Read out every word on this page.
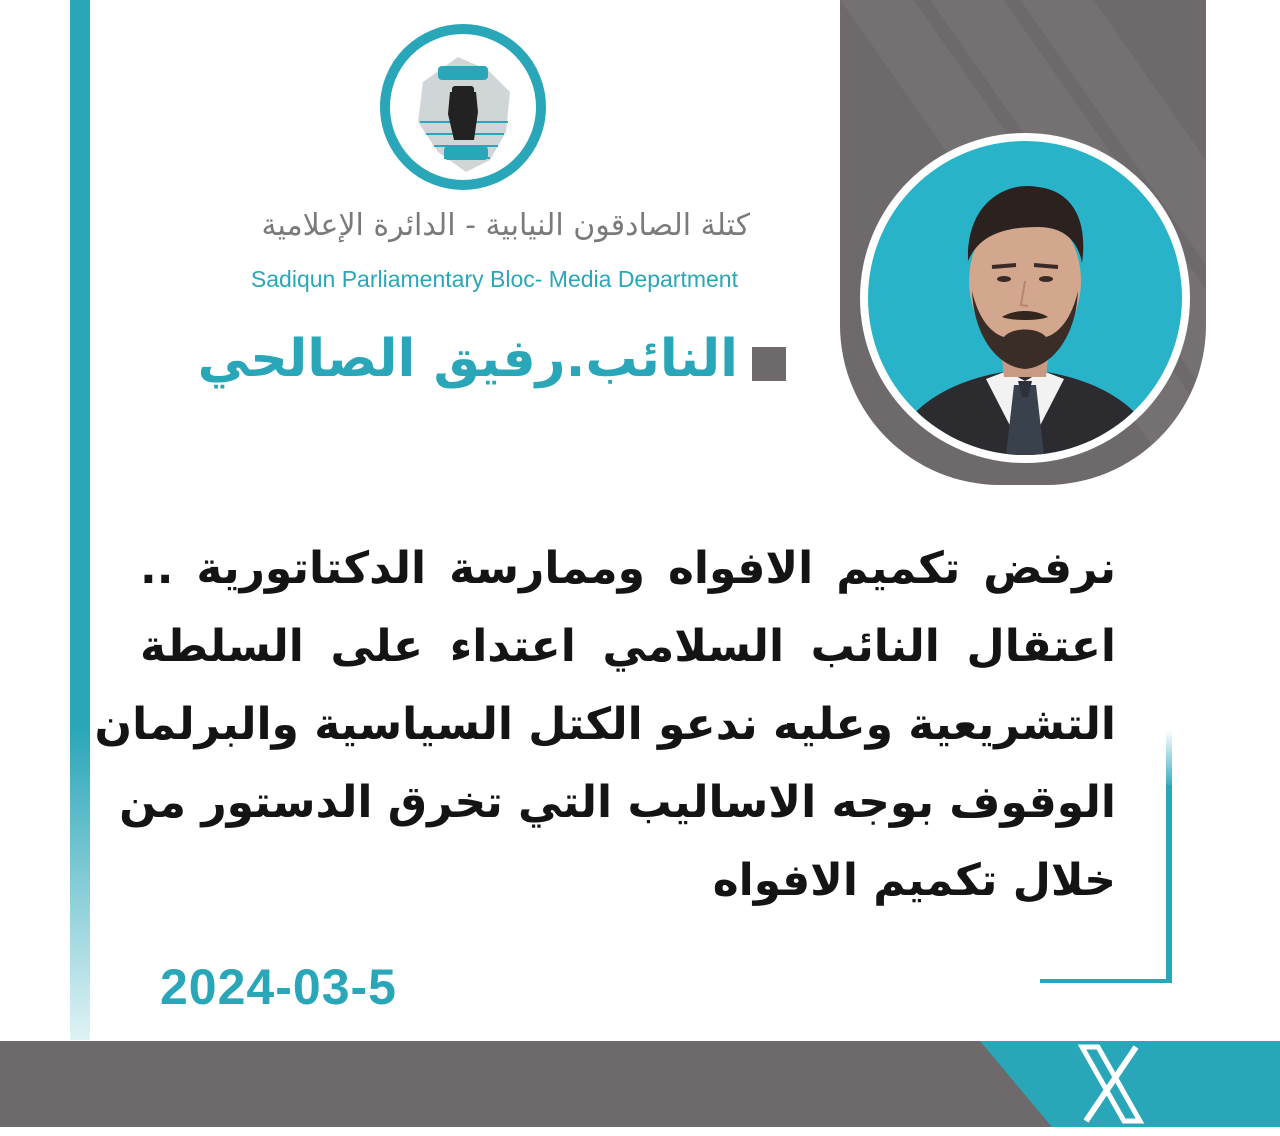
كتلة الصادقون النيابية - الدائرة الإعلامية
Sadiqun Parliamentary Bloc- Media Department
النائب.رفيق الصالحي
نرفض تكميم الافواه وممارسة الدكتاتورية ..
اعتقال النائب السلامي اعتداء على السلطة
التشريعية وعليه ندعو الكتل السياسية والبرلمان
الوقوف بوجه الاساليب التي تخرق الدستور من
خلال تكميم الافواه
2024-03-5
